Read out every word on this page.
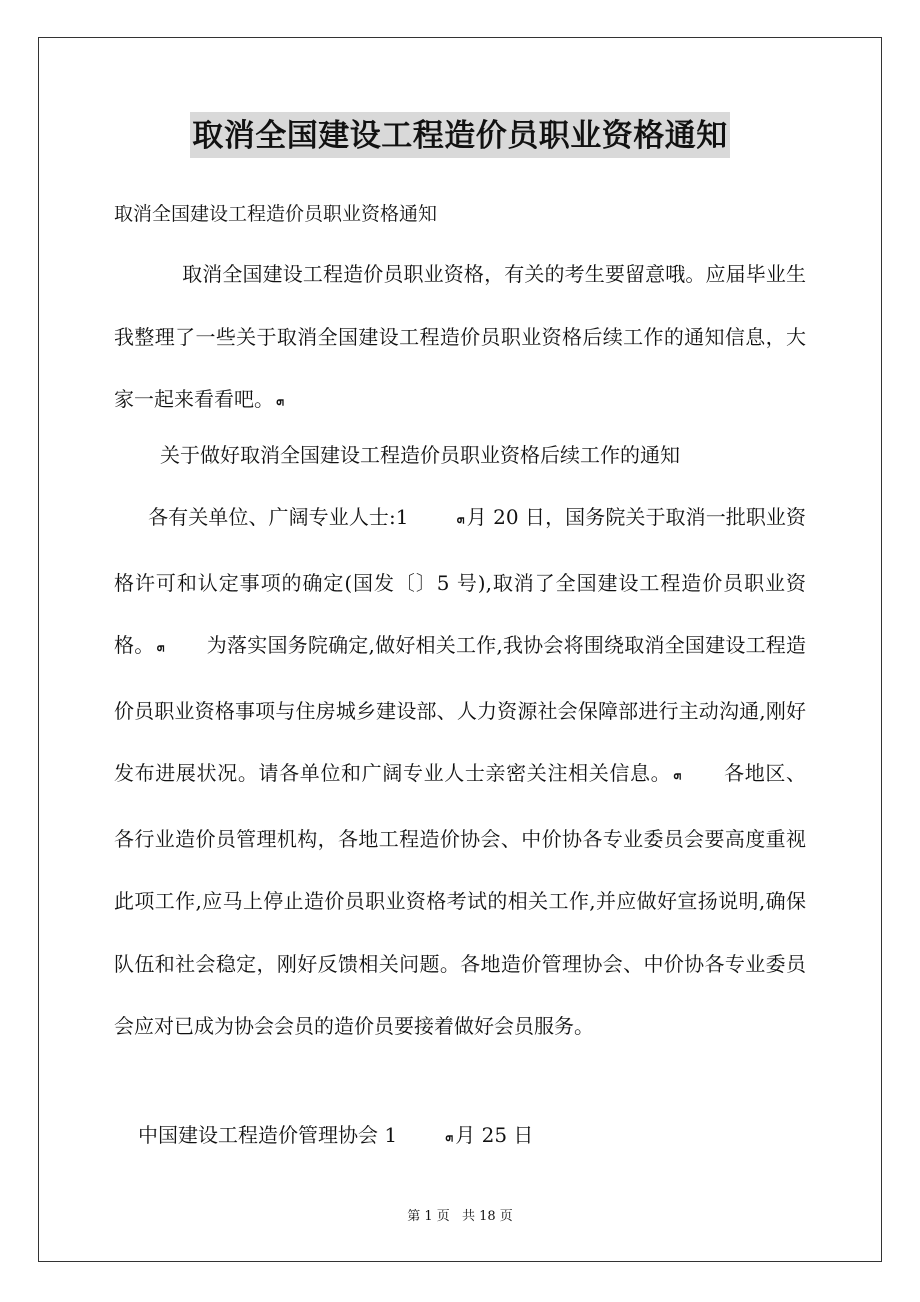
取消全国建设工程造价员职业资格通知
取消全国建设工程造价员职业资格通知
取消全国建设工程造价员职业资格，有关的考生要留意哦。应届毕业生我整理了一些关于取消全国建设工程造价员职业资格后续工作的通知信息，大家一起来看看吧。 ܗ
关于做好取消全国建设工程造价员职业资格后续工作的通知
各有关单位、广阔专业人士:1	ܗ 月 20 日，国务院关于取消一批职业资格许可和认定事项的确定(国发〔〕5 号),取消了全国建设工程造价员职业资格。 ܗ 为落实国务院确定,做好相关工作,我协会将围绕取消全国建设工程造价员职业资格事项与住房城乡建设部、人力资源社会保障部进行主动沟通,刚好发布进展状况。请各单位和广阔专业人士亲密关注相关信息。 ܗ 各地区、各行业造价员管理机构，各地工程造价协会、中价协各专业委员会要高度重视此项工作,应马上停止造价员职业资格考试的相关工作,并应做好宣扬说明,确保队伍和社会稳定，刚好反馈相关问题。各地造价管理协会、中价协各专业委员会应对已成为协会会员的造价员要接着做好会员服务。
中国建设工程造价管理协会 1	ܗ 月 25 日
第 1 页 共 18 页
